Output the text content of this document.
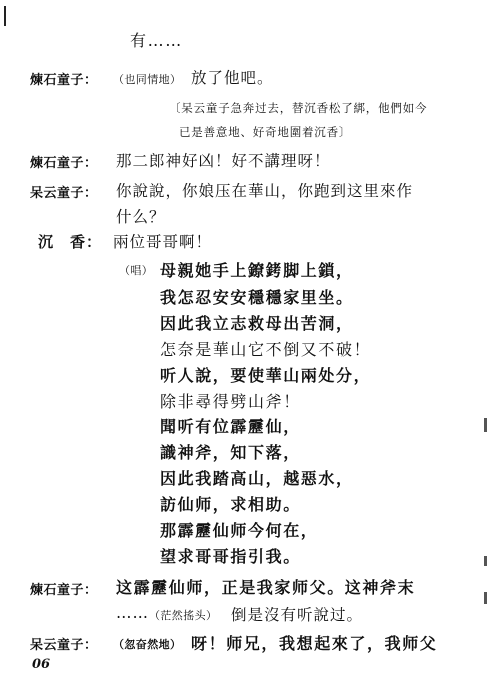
有……
煉石童子： （也同情地） 放了他吧。
〔呆云童子急奔过去，替沉香松了綁，他們如今
已是善意地、好奇地圍着沉香〕
煉石童子： 那二郎神好凶！好不講理呀！
呆云童子： 你說說，你娘压在華山，你跑到这里來作
什么？
沉　香： 兩位哥哥啊！
（唱） 母親她手上鐐銬脚上鎖，
我怎忍安安穩穩家里坐。
因此我立志救母出苦洞，
怎奈是華山它不倒又不破！
听人說，要使華山兩处分，
除非尋得劈山斧！
聞听有位霹靂仙，
識神斧，知下落，
因此我踏高山，越惡水，
訪仙师，求相助。
那霹靂仙师今何在，
望求哥哥指引我。
煉石童子： 这霹靂仙师，正是我家师父。这神斧末
…… （茫然搖头） 倒是沒有听說过。
呆云童子： （忽奋然地） 呀！师兄，我想起來了，我师父
06
